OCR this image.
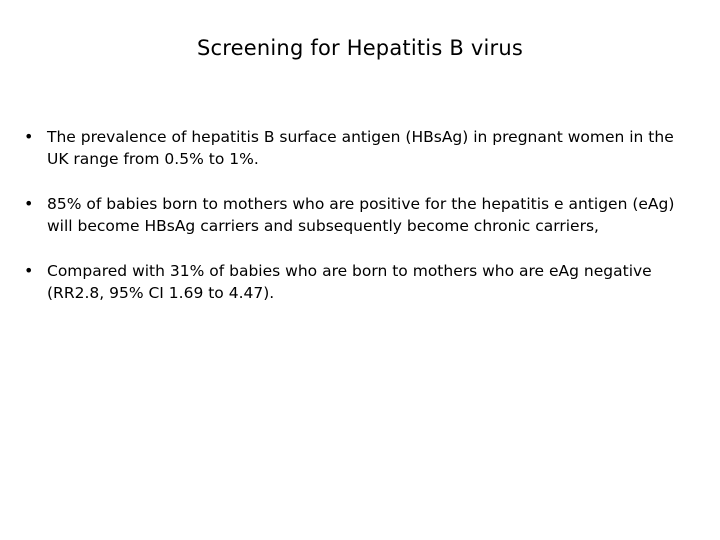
Screening for Hepatitis B virus
• The prevalence of hepatitis B surface antigen (HBsAg) in pregnant women in the UK range from 0.5% to 1%.
• 85% of babies born to mothers who are positive for the hepatitis e antigen (eAg) will become HBsAg carriers and subsequently become chronic carriers,
• Compared with 31% of babies who are born to mothers who are eAg negative (RR2.8, 95% CI 1.69 to 4.47).
